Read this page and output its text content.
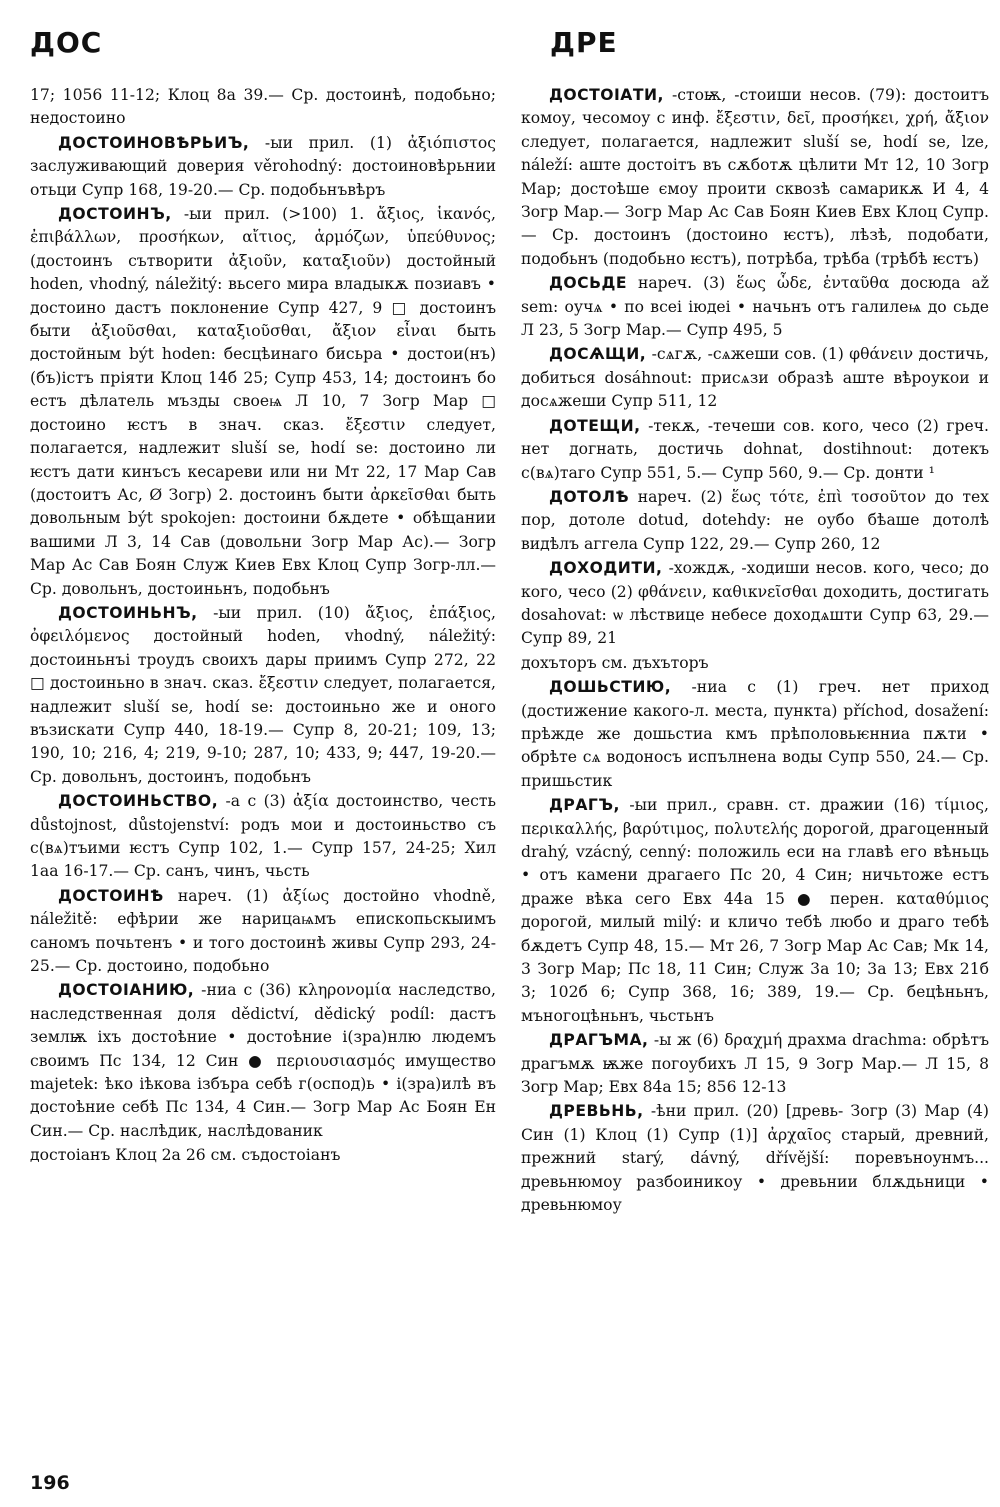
ДОС	ДРЕ

17; 1056 11-12; Клоц 8а 39.— Ср. достоинѣ, подобьно; недостоино

ДОСТОИНОВѢРЬИЪ, -ыи прил. (1) ἀξιόπιστος заслуживающий доверия věrohodný: достоиновѣрьнии отьци Супр 168, 19-20.— Ср. подобьнъвѣръ

ДОСТОИНЪ, -ыи прил. (>100) 1. ἄξιος, ἱκανός, ἐπιβάλλων, προσήκων, αἴτιος, ἁρμόζων, ὑπεύθυνος; (достоинъ сътворити ἀξιοῦν, καταξιοῦν) достойный hoden, vhodný, náležitý: вьсего мира владыкѫ позиавъ • достоино дастъ поклонение Супр 427, 9 □ достоинъ быти ἀξιοῦσθαι, καταξιοῦσθαι, ἄξιον εἶναι быть достойным být hoden: бесцѣинаго бисьра • достои(нъ) (бъ)істъ пріяти Клоц 14б 25; Супр 453, 14; достоинъ бо естъ дѣлатель мъзды своеѩ Л 10, 7 Зогр Мар □ достоино ѥстъ в знач. сказ. ἔξεστιν следует, полагается, надлежит sluší se, hodí se: достоино ли ѥстъ дати кинъсъ кесареви или ни Мт 22, 17 Мар Сав (достоитъ Ас, Ø Зогр) 2. достоинъ быти ἀρκεῖσθαι быть довольным být spokojen: достоини бѫдете • обѣщании вашими Л 3, 14 Сав (довольни Зогр Мар Ас).— Зогр Мар Ас Сав Боян Служ Киев Евх Клоц Супр Зогр-лл.— Ср. довольнъ, достоиньнъ, подобьнъ

ДОСТОИНЬНЪ, -ыи прил. (10) ἄξιος, ἐπάξιος, ὀφειλόμενος достойный hoden, vhodný, náležitý: достоиньнъі троудъ своихъ дары приимъ Супр 272, 22 □ достоиньно в знач. сказ. ἔξεστιν следует, полагается, надлежит sluší se, hodí se: достоиньно же и оного възискати Супр 440, 18-19.— Супр 8, 20-21; 109, 13; 190, 10; 216, 4; 219, 9-10; 287, 10; 433, 9; 447, 19-20.— Ср. довольнъ, достоинъ, подобьнъ

ДОСТОИНЬСТВО, -а с (3) ἀξία достоинство, честь důstojnost, důstojenství: родъ мои и достоиньство съ с(вѧ)тъими ѥстъ Супр 102, 1.— Супр 157, 24-25; Хил 1аа 16-17.— Ср. санъ, чинъ, чьсть

ДОСТОИНѢ нареч. (1) ἀξίως достойно vhodně, náležitě: ефѣрии же нарицаѩмъ епископьскыимъ саномъ почьтенъ • и того достоинѣ живы Супр 293, 24-25.— Ср. достоино, подобьно

ДОСТОІАНИЮ, -ниа с (36) κληρονομία наследство, наследственная доля dědictví, dědický podíl: дастъ землѭ іхъ достоѣние • достоѣние і(зра)нлю людемъ своимъ Пс 134, 12 Син ● περιουσιασμός имущество majetek: ѣко іѣкова ізбъра себѣ г(оспод)ь • і(зра)илѣ въ достоѣние себѣ Пс 134, 4 Син.— Зогр Мар Ас Боян Ен Син.— Ср. наслѣдик, наслѣдованик

достоіанъ Клоц 2а 26 см. съдостоіанъ

ДОСТОІАТИ, -стоѭ, -стоиши несов. (79): достоитъ комоу, чесомоу с инф. ἔξεστιν, δεῖ, προσήκει, χρή, ἄξιον следует, полагается, надлежит sluší se, hodí se, lze, náleží: аште достоітъ въ сѫботѫ цѣлити Мт 12, 10 Зогр Мар; достоѣше ємоу проити сквозѣ самарикѫ И 4, 4 Зогр Мар.— Зогр Мар Ас Сав Боян Киев Евх Клоц Супр.— Ср. достоинъ (достоино ѥстъ), лѣзѣ, подобати, подобьнъ (подобьно ѥстъ), потрѣба, трѣба (трѣбѣ ѥстъ)

ДОСЬДЕ нареч. (3) ἕως ὧδε, ἐνταῦθα досюда až sem: оучѧ • по всеі іюдеі • начьнъ отъ галилеѩ до сьде Л 23, 5 Зогр Мар.— Супр 495, 5

ДОСѦЩИ, -сѧгѫ, -сѧжеши сов. (1) φθάνειν достичь, добиться dosáhnout: присѧзи образѣ аште вѣроукои и досѧжеши Супр 511, 12

ДОТЕЩИ, -текѫ, -течеши сов. кого, чесо (2) греч. нет догнать, достичь dohnat, dostihnout: дотекъ с(вѧ)таго Супр 551, 5.— Супр 560, 9.— Ср. донти ¹

ДОТОЛѢ нареч. (2) ἕως τότε, ἐπὶ τοσοῦτον до тех пор, дотоле dotud, dotehdy: не оубо бѣаше дотолѣ видѣлъ аггела Супр 122, 29.— Супр 260, 12

ДОХОДИТИ, -хождѫ, -ходиши несов. кого, чесо; до кого, чесо (2) φθάνειν, καθικνεῖσθαι доходить, достигать dosahovat: ѡ лѣствице небесе доходѧшти Супр 63, 29.— Супр 89, 21

дохъторъ см. дъхъторъ

ДОШЬСТИЮ, -ниа с (1) греч. нет приход (достижение какого-л. места, пункта) příchod, dosažení: прѣжде же дошьстиа кмъ прѣполовьѥнниа пѫти • обрѣте сѧ водоносъ испълнена воды Супр 550, 24.— Ср. пришьстик

ДРАГЪ, -ыи прил., сравн. ст. дражии (16) τίμιος, περικαλλής, βαρύτιμος, πολυτελής дорогой, драгоценный drahý, vzácný, cenný: положиль еси на главѣ его вѣньць • отъ камени драгаего Пс 20, 4 Син; ничьтоже естъ драже вѣка сего Евх 44а 15 ● перен. καταθύμιος дорогой, милый milý: и кличо тебѣ любо и драго тебѣ бѫдетъ Супр 48, 15.— Мт 26, 7 Зогр Мар Ас Сав; Мк 14, 3 Зогр Мар; Пс 18, 11 Син; Служ 3а 10; 3а 13; Евх 21б 3; 102б 6; Супр 368, 16; 389, 19.— Ср. бецѣньнъ, мъногоцѣньнъ, чьстьнъ

ДРАГЪМА, -ы ж (6) δραχμή драхма drachma: обрѣтъ драгъмѫ ѭже погоубихъ Л 15, 9 Зогр Мар.— Л 15, 8 Зогр Мар; Евх 84а 15; 856 12-13

ДРЕВЬНЬ, -ѣни прил. (20) [древь- Зогр (3) Мар (4) Син (1) Клоц (1) Супр (1)] ἀρχαῖος старый, древний, прежний starý, dávný, dřívější: поревъноунмъ... древьнюмоу разбоиникоу • древьнии блѫдьници • древьнюмоу

196
